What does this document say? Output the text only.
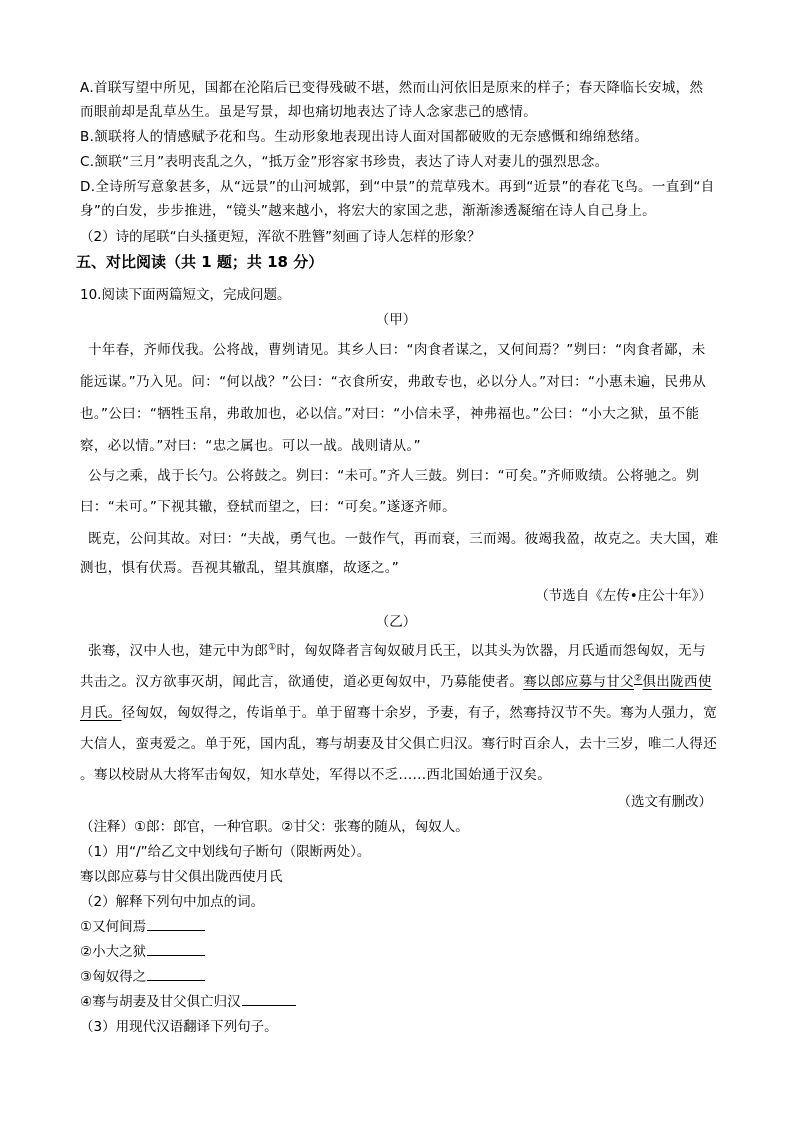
A.首联写望中所见，国都在沦陷后已变得残破不堪，然而山河依旧是原来的样子；春天降临长安城，然
而眼前却是乱草丛生。虽是写景，却也痛切地表达了诗人念家悲己的感情。
B.颔联将人的情感赋予花和鸟。生动形象地表现出诗人面对国都破败的无奈感慨和绵绵愁绪。
C.颔联“三月”表明丧乱之久，“抵万金”形容家书珍贵，表达了诗人对妻儿的强烈思念。
D.全诗所写意象甚多，从“远景”的山河城郭，到“中景”的荒草残木。再到“近景”的春花飞鸟。一直到“自
身”的白发，步步推进，“镜头”越来越小，将宏大的家国之悲，渐渐渗透凝缩在诗人自己身上。
（2）诗的尾联“白头搔更短，浑欲不胜簪”刻画了诗人怎样的形象？
五、对比阅读（共 1 题；共 18 分）
10.阅读下面两篇短文，完成问题。
（甲）
十年春，齐师伐我。公将战，曹刿请见。其乡人曰：“肉食者谋之，又何间焉？”刿曰：“肉食者鄙，未
能远谋。”乃入见。问：“何以战？”公曰：“衣食所安，弗敢专也，必以分人。”对曰：“小惠未遍，民弗从
也。”公曰：“牺牲玉帛，弗敢加也，必以信。”对曰：“小信未孚，神弗福也。”公曰：“小大之狱，虽不能
察，必以情。”对曰：“忠之属也。可以一战。战则请从。”
公与之乘，战于长勺。公将鼓之。刿曰：“未可。”齐人三鼓。刿曰：“可矣。”齐师败绩。公将驰之。刿
曰：“未可。”下视其辙，登轼而望之，曰：“可矣。”遂逐齐师。
既克，公问其故。对曰：“夫战，勇气也。一鼓作气，再而衰，三而竭。彼竭我盈，故克之。夫大国，难
测也，惧有伏焉。吾视其辙乱，望其旗靡，故逐之。”
（节选自《左传•庄公十年》）
（乙）
张骞，汉中人也，建元中为郎①时，匈奴降者言匈奴破月氏王，以其头为饮器，月氏遁而怨匈奴，无与
共击之。汉方欲事灭胡，闻此言，欲通使，道必更匈奴中，乃募能使者。骞以郎应募与甘父②俱出陇西使
月氏。径匈奴，匈奴得之，传诣单于。单于留骞十余岁，予妻，有子，然骞持汉节不失。骞为人强力，宽
大信人，蛮夷爱之。单于死，国内乱，骞与胡妻及甘父俱亡归汉。骞行时百余人，去十三岁，唯二人得还
。骞以校尉从大将军击匈奴，知水草处，军得以不乏......西北国始通于汉矣。
（选文有删改）
（注释）①郎：郎官，一种官职。②甘父：张骞的随从，匈奴人。
（1）用“/”给乙文中划线句子断句（限断两处）。
骞以郎应募与甘父俱出陇西使月氏
（2）解释下列句中加点的词。
①又何间焉
②小大之狱
③匈奴得之
④骞与胡妻及甘父俱亡归汉
（3）用现代汉语翻译下列句子。
